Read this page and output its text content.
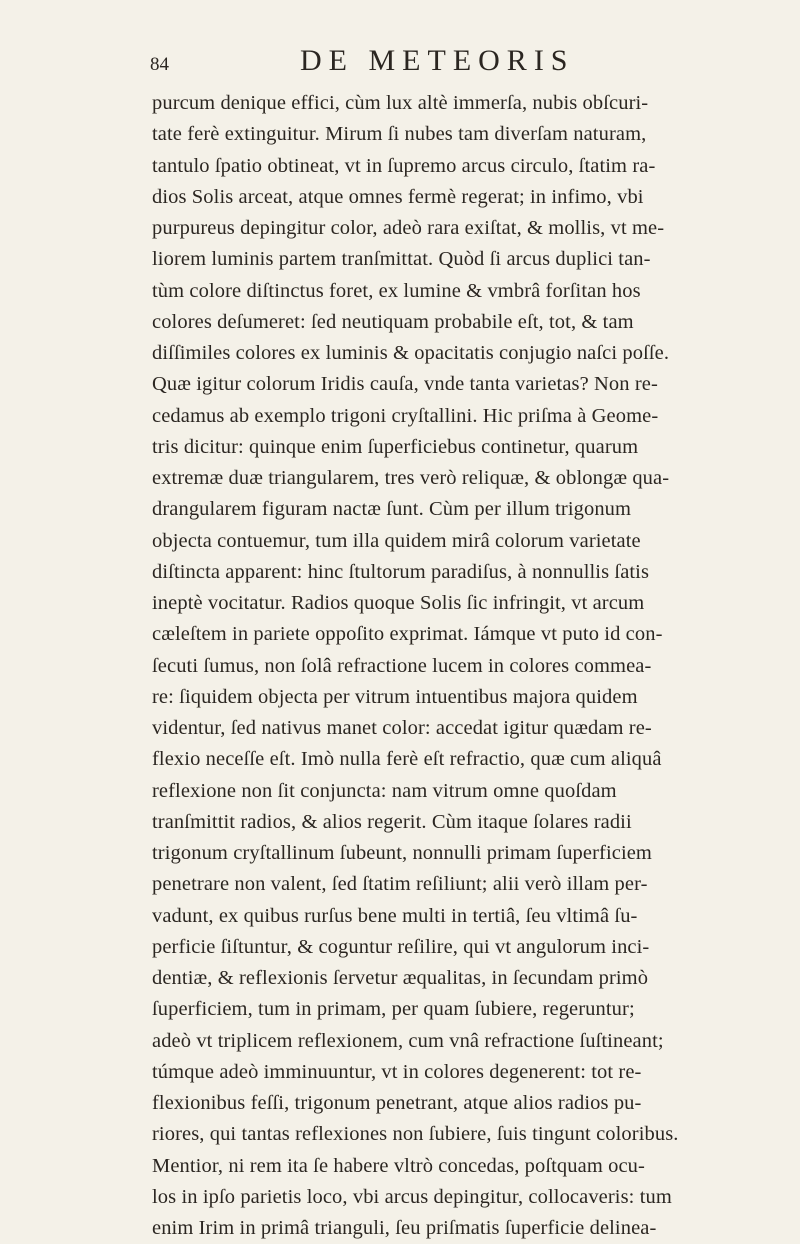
84	DE METEORIS
purcum denique effici, cùm lux altè immerſa, nubis obſcuri-
tate ferè extinguitur. Mirum ſi nubes tam diverſam naturam,
tantulo ſpatio obtineat, vt in ſupremo arcus circulo, ſtatim ra-
dios Solis arceat, atque omnes fermè regerat; in infimo, vbi
purpureus depingitur color, adeò rara exiſtat, & mollis, vt me-
liorem luminis partem tranſmittat. Quòd ſi arcus duplici tan-
tùm colore diſtinctus foret, ex lumine & vmbrâ forſitan hos
colores deſumeret: ſed neutiquam probabile eſt, tot, & tam
diſſimiles colores ex luminis & opacitatis conjugio naſci poſſe.
Quæ igitur colorum Iridis cauſa, vnde tanta varietas? Non re-
cedamus ab exemplo trigoni cryſtallini. Hic priſma à Geome-
tris dicitur: quinque enim ſuperficiebus continetur, quarum
extremæ duæ triangularem, tres verò reliquæ, & oblongæ qua-
drangularem figuram nactæ ſunt. Cùm per illum trigonum
objecta contuemur, tum illa quidem mirâ colorum varietate
diſtincta apparent: hinc ſtultorum paradiſus, à nonnullis ſatis
ineptè vocitatur. Radios quoque Solis ſic infringit, vt arcum
cæleſtem in pariete oppoſito exprimat. Iámque vt puto id con-
ſecuti ſumus, non ſolâ refractione lucem in colores commea-
re: ſiquidem objecta per vitrum intuentibus majora quidem
videntur, ſed nativus manet color: accedat igitur quædam re-
flexio neceſſe eſt. Imò nulla ferè eſt refractio, quæ cum aliquâ
reflexione non ſit conjuncta: nam vitrum omne quoſdam
tranſmittit radios, & alios regerit. Cùm itaque ſolares radii
trigonum cryſtallinum ſubeunt, nonnulli primam ſuperficiem
penetrare non valent, ſed ſtatim reſiliunt; alii verò illam per-
vadunt, ex quibus rurſus bene multi in tertiâ, ſeu vltimâ ſu-
perficie ſiſtuntur, & coguntur reſilire, qui vt angulorum inci-
dentiæ, & reflexionis ſervetur æqualitas, in ſecundam primò
ſuperficiem, tum in primam, per quam ſubiere, regeruntur;
adeò vt triplicem reflexionem, cum vnâ refractione ſuſtineant;
túmque adeò imminuuntur, vt in colores degenerent: tot re-
flexionibus feſſi, trigonum penetrant, atque alios radios pu-
riores, qui tantas reflexiones non ſubiere, ſuis tingunt coloribus.
Mentior, ni rem ita ſe habere vltrò concedas, poſtquam ocu-
los in ipſo parietis loco, vbi arcus depingitur, collocaveris: tum
enim Irim in primâ trianguli, ſeu priſmatis ſuperficie delinea-
